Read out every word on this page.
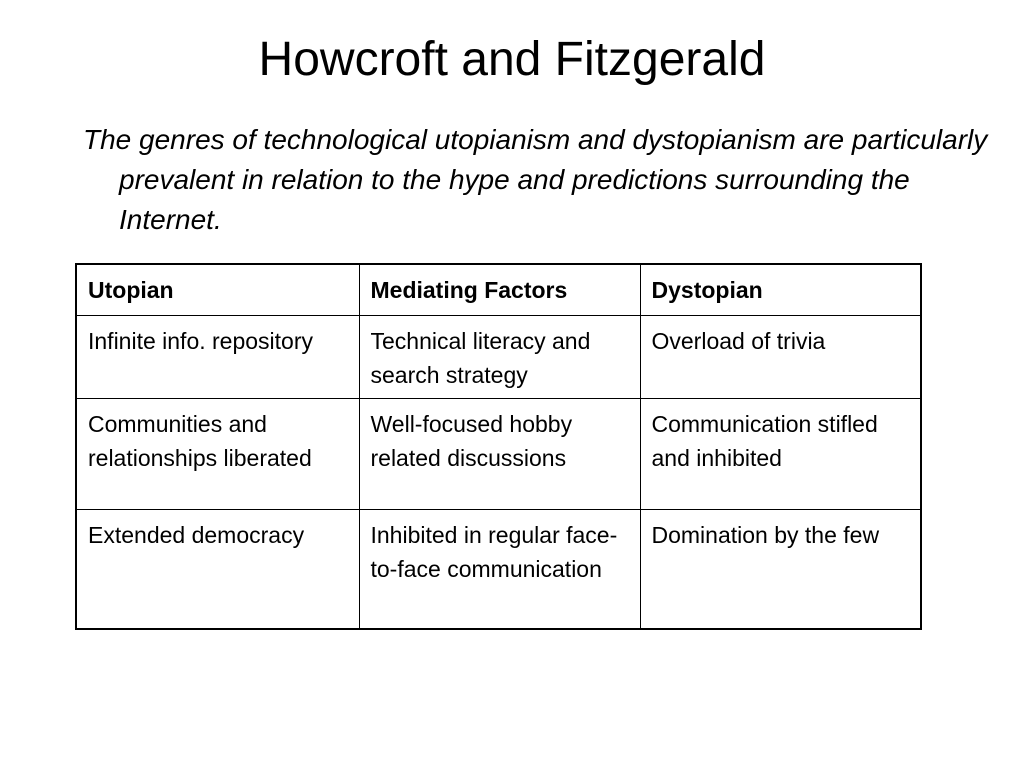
Howcroft and Fitzgerald

The genres of technological utopianism and dystopianism are particularly prevalent in relation to the hype and predictions surrounding the Internet.

Utopian	Mediating Factors	Dystopian
Infinite info. repository	Technical literacy and search strategy	Overload of trivia
Communities and relationships liberated	Well-focused hobby related discussions	Communication stifled and inhibited
Extended democracy	Inhibited in regular face-to-face communication	Domination by the few
